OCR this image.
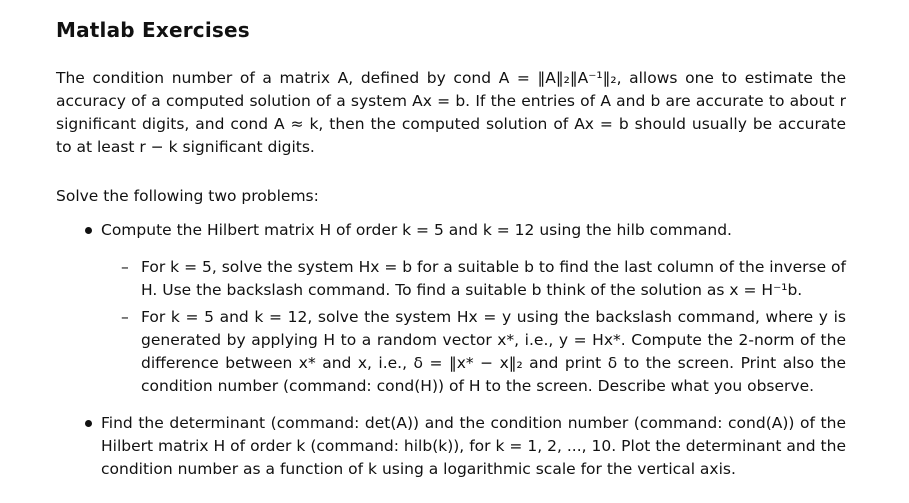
Matlab Exercises

The condition number of a matrix A, defined by cond A = ‖A‖₂‖A⁻¹‖₂, allows one to estimate the accuracy of a computed solution of a system Ax = b. If the entries of A and b are accurate to about r significant digits, and cond A ≈ k, then the computed solution of Ax = b should usually be accurate to at least r − k significant digits.

Solve the following two problems:

Compute the Hilbert matrix H of order k = 5 and k = 12 using the hilb command.
– For k = 5, solve the system Hx = b for a suitable b to find the last column of the inverse of H. Use the backslash command. To find a suitable b think of the solution as x = H⁻¹b.
– For k = 5 and k = 12, solve the system Hx = y using the backslash command, where y is generated by applying H to a random vector x*, i.e., y = Hx*. Compute the 2-norm of the difference between x* and x, i.e., δ = ‖x* − x‖₂ and print δ to the screen. Print also the condition number (command: cond(H)) of H to the screen. Describe what you observe.
Find the determinant (command: det(A)) and the condition number (command: cond(A)) of the Hilbert matrix H of order k (command: hilb(k)), for k = 1, 2, ..., 10. Plot the determinant and the condition number as a function of k using a logarithmic scale for the vertical axis.
